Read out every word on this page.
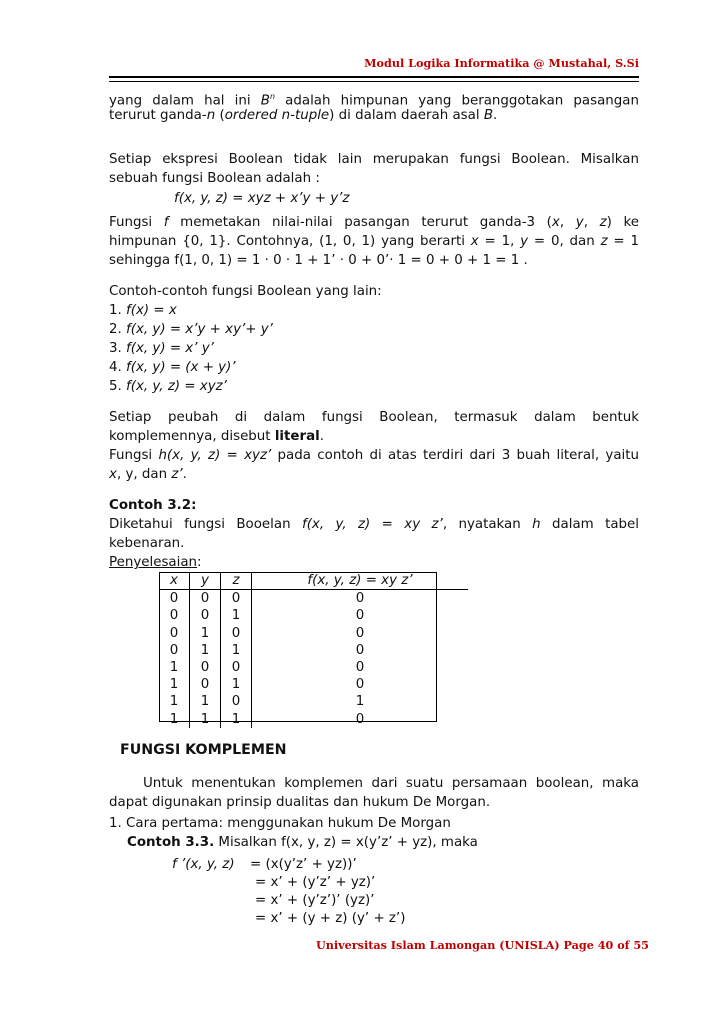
Modul Logika Informatika @ Mustahal, S.Si

yang dalam hal ini $B^n$ adalah himpunan yang beranggotakan pasangan

terurut ganda-n (ordered n-tuple) di dalam daerah asal B.

Setiap ekspresi Boolean tidak lain merupakan fungsi Boolean. Misalkan

sebuah fungsi Boolean adalah :

f(x, y, z) = xyz + x’y + y’z

Fungsi f memetakan nilai-nilai pasangan terurut ganda-3 (x, y, z) ke

himpunan {0, 1}. Contohnya, (1, 0, 1) yang berarti x = 1, y = 0, dan z = 1

sehingga f(1, 0, 1) = 1 · 0 · 1 + 1’ · 0 + 0’· 1 = 0 + 0 + 1 = 1 .

Contoh-contoh fungsi Boolean yang lain:

1. f(x) = x

2. f(x, y) = x’y + xy’+ y’

3. f(x, y) = x’ y’

4. f(x, y) = (x + y)’

5. f(x, y, z) = xyz’

Setiap peubah di dalam fungsi Boolean, termasuk dalam bentuk

komplemennya, disebut literal.

Fungsi h(x, y, z) = xyz’ pada contoh di atas terdiri dari 3 buah literal, yaitu

x, y, dan z’.

Contoh 3.2:

Diketahui fungsi Booelan f(x, y, z) = xy z’, nyatakan h dalam tabel

kebenaran.

Penyelesaian:

x	y	z	f(x, y, z) = xy z’
0	0	0	0
0	0	1	0
0	1	0	0
0	1	1	0
1	0	0	0
1	0	1	0
1	1	0	1
1	1	1	0

FUNGSI KOMPLEMEN

Untuk menentukan komplemen dari suatu persamaan boolean, maka

dapat digunakan prinsip dualitas dan hukum De Morgan.

1. Cara pertama: menggunakan hukum De Morgan

Contoh 3.3. Misalkan f(x, y, z) = x(y’z’ + yz), maka

f ’(x, y, z) = (x(y’z’ + yz))’

= x’ + (y’z’ + yz)’

= x’ + (y’z’)’ (yz)’

= x’ + (y + z) (y’ + z’)

Universitas Islam Lamongan (UNISLA) Page 40 of 55
